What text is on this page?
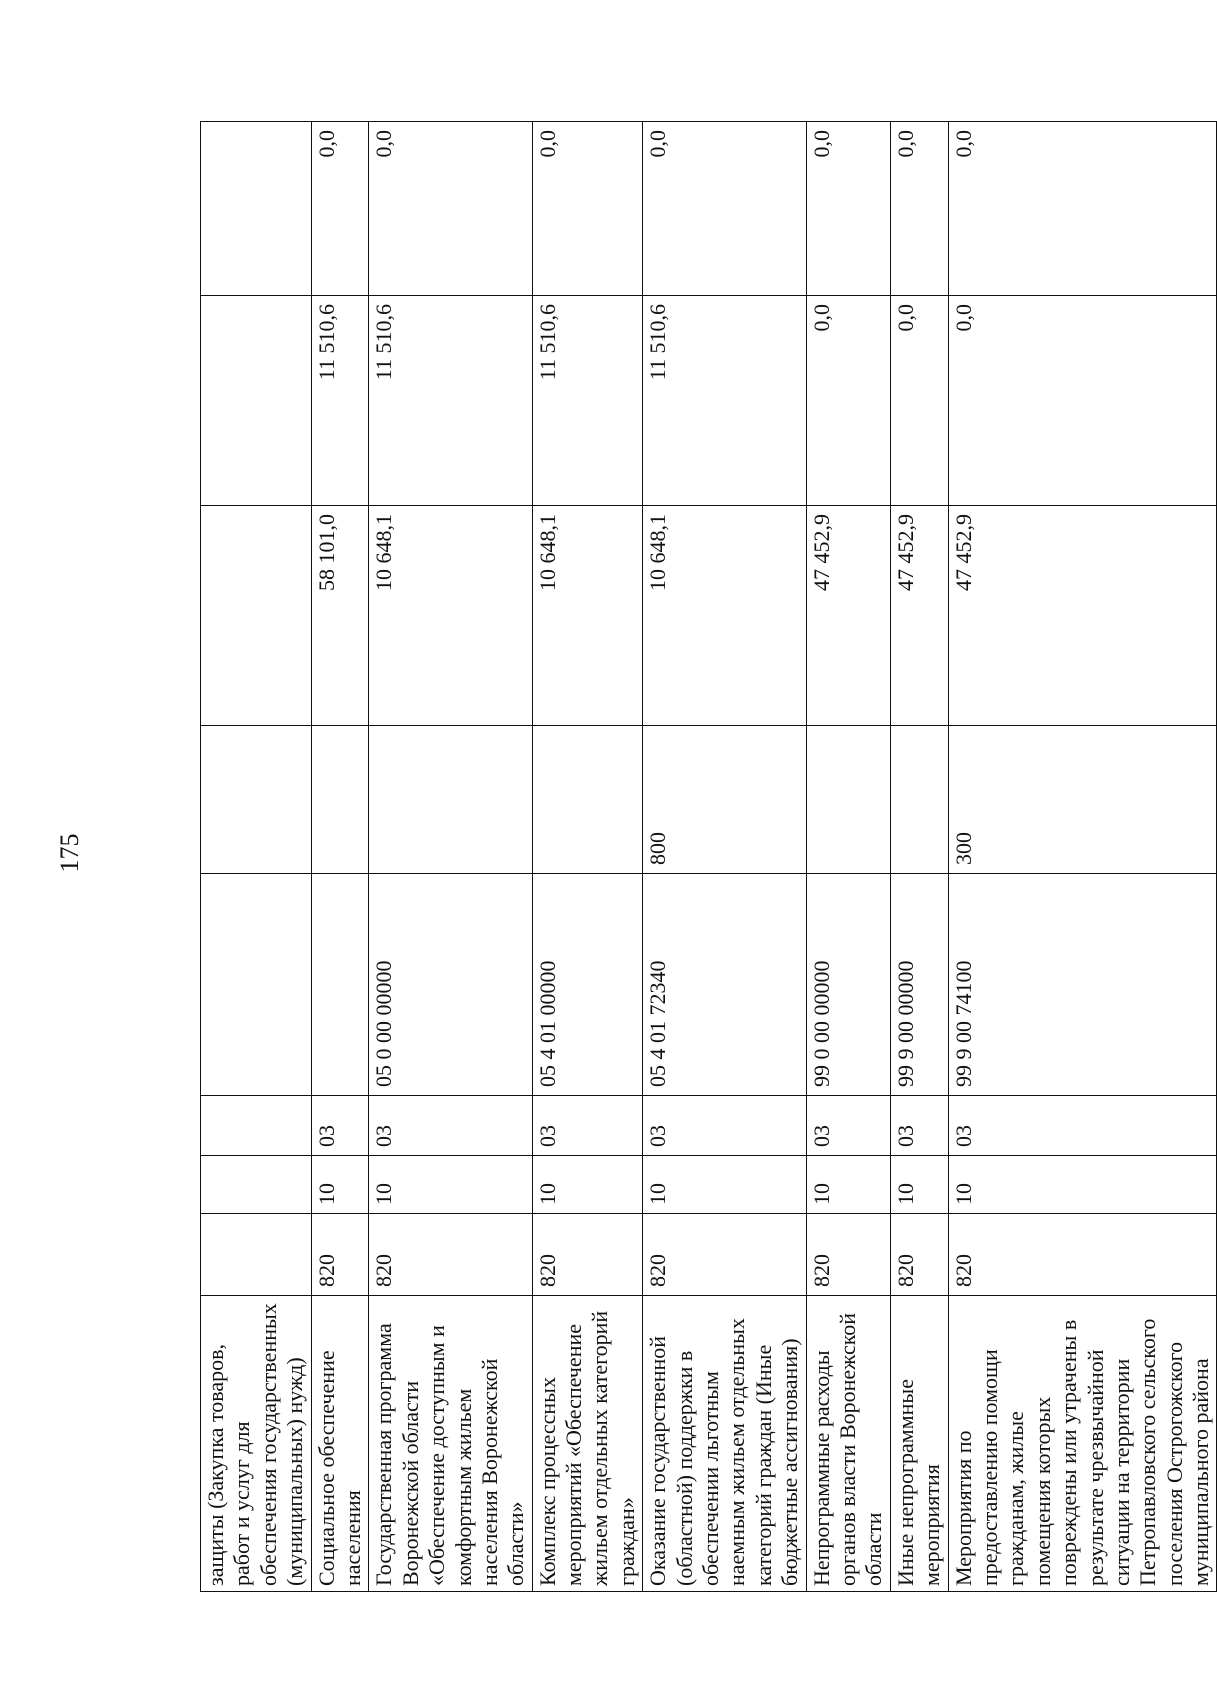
175
защиты (Закупка товаров, работ и услуг для обеспечения государственных (муниципальных) нужд)								
Социальное обеспечение населения	820	10	03			58 101,0	11 510,6	0,0
Государственная программа Воронежской области «Обеспечение доступным и комфортным жильем населения Воронежской области»	820	10	03	05 0 00 00000		10 648,1	11 510,6	0,0
Комплекс процессных мероприятий «Обеспечение жильем отдельных категорий граждан»	820	10	03	05 4 01 00000		10 648,1	11 510,6	0,0
Оказание государственной (областной) поддержки в обеспечении льготным наемным жильем отдельных категорий граждан (Иные бюджетные ассигнования)	820	10	03	05 4 01 72340	800	10 648,1	11 510,6	0,0
Непрограммные расходы органов власти Воронежской области	820	10	03	99 0 00 00000		47 452,9	0,0	0,0
Иные непрограммные мероприятия	820	10	03	99 9 00 00000		47 452,9	0,0	0,0
Мероприятия по предоставлению помощи гражданам, жилые помещения которых повреждены или утрачены в результате чрезвычайной ситуации на территории Петропавловского сельского поселения Острогожского муниципального района	820	10	03	99 9 00 74100	300	47 452,9	0,0	0,0
